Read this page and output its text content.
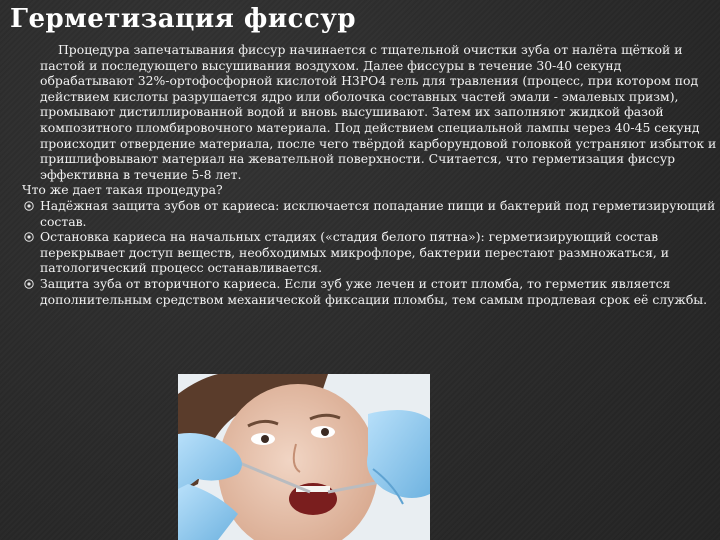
Герметизация фиссур

Процедура запечатывания фиссур начинается с тщательной очистки зуба от налёта щёткой и пастой и последующего высушивания воздухом. Далее фиссуры в течение 30-40 секунд обрабатывают 32%-ортофосфорной кислотой H3PO4 гель для травления (процесс, при котором под действием кислоты разрушается ядро или оболочка составных частей эмали - эмалевых призм), промывают дистиллированной водой и вновь высушивают. Затем их заполняют жидкой фазой композитного пломбировочного материала. Под действием специальной лампы через 40-45 секунд происходит отвердение материала, после чего твёрдой карборундовой головкой устраняют избыток и пришлифовывают материал на жевательной поверхности. Считается, что герметизация фиссур эффективна в течение 5-8 лет.

Что же дает такая процедура?

Надёжная защита зубов от кариеса: исключается попадание пищи и бактерий под герметизирующий состав.
Остановка кариеса на начальных стадиях («стадия белого пятна»): герметизирующий состав перекрывает доступ веществ, необходимых микрофлоре, бактерии перестают размножаться, и патологический процесс останавливается.
Защита зуба от вторичного кариеса. Если зуб уже лечен и стоит пломба, то герметик является дополнительным средством механической фиксации пломбы, тем самым продлевая срок её службы.
